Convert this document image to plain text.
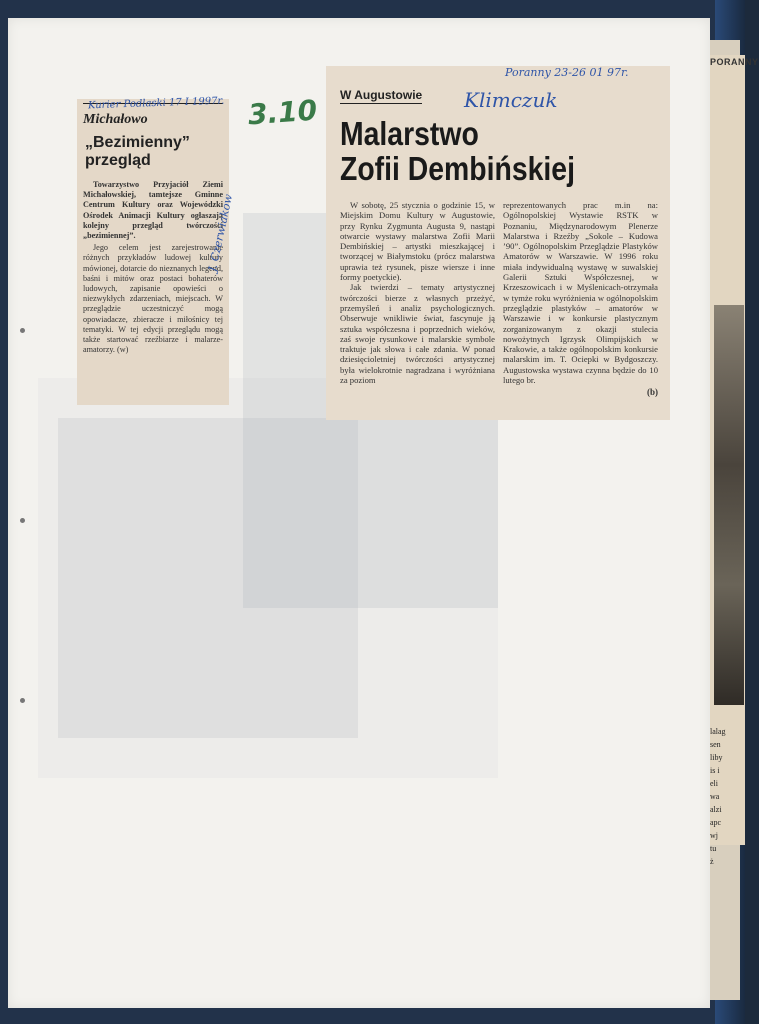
PORANNY
lalag
sen
liby
is i
eli
wa
alzi
apc
wj
tu
ż
3.10
Michałowo
„Bezimienny” przegląd

Towarzystwo Przyjaciół Ziemi Michałowskiej, tamtejsze Gminne Centrum Kultury oraz Wojewódzki Ośrodek Animacji Kultury ogłaszają kolejny przegląd twórczości „bezimiennej”.

Jego celem jest zarejestrowanie różnych przykładów ludowej kultury mówionej, dotarcie do nieznanych legend, baśni i mitów oraz postaci bohaterów ludowych, zapisanie opowieści o niezwykłych zdarzeniach, miejscach. W przeglądzie uczestniczyć mogą opowiadacze, zbieracze i miłośnicy tej tematyki. W tej edycji przeglądu mogą także startować rzeźbiarze i malarze-amatorzy. (w)

Kurier Podlaski 17 I 1997r.
J. Czerwiakow
W Augustowie
Malarstwo
Zofii Dembińskiej

W sobotę, 25 stycznia o godzinie 15, w Miejskim Domu Kultury w Augustowie, przy Rynku Zygmunta Augusta 9, nastąpi otwarcie wystawy malarstwa Zofii Marii Dembińskiej – artystki mieszkającej i tworzącej w Białymstoku (prócz malarstwa uprawia też rysunek, pisze wiersze i inne formy poetyckie).

Jak twierdzi – tematy artystycznej twórczości bierze z własnych przeżyć, przemyśleń i analiz psychologicznych. Obserwuje wnikliwie świat, fascynuje ją sztuka współczesna i poprzednich wieków, zaś swoje rysunkowe i malarskie symbole traktuje jak słowa i całe zdania. W ponad dziesięcioletniej twórczości artystycznej była wielokrotnie nagradzana i wyróżniana za poziom

reprezentowanych prac m.in na: Ogólnopolskiej Wystawie RSTK w Poznaniu, Międzynarodowym Plenerze Malarstwa i Rzeźby „Sokole – Kudowa ’90”. Ogólnopolskim Przeglądzie Plastyków Amatorów w Warszawie. W 1996 roku miała indywidualną wystawę w suwalskiej Galerii Sztuki Współczesnej, w Krzeszowicach i w Myślenicach-otrzymała w tymże roku wyróżnienia w ogólnopolskim przeglądzie plastyków – amatorów w Warszawie i w konkursie plastycznym zorganizowanym z okazji stulecia nowożytnych Igrzysk Olimpijskich w Krakowie, a także ogólnopolskim konkursie malarskim im. T. Ociepki w Bydgoszczy. Augustowska wystawa czynna będzie do 10 lutego br.

(b)
Poranny 23-26 01 97r.
Klimczuk
